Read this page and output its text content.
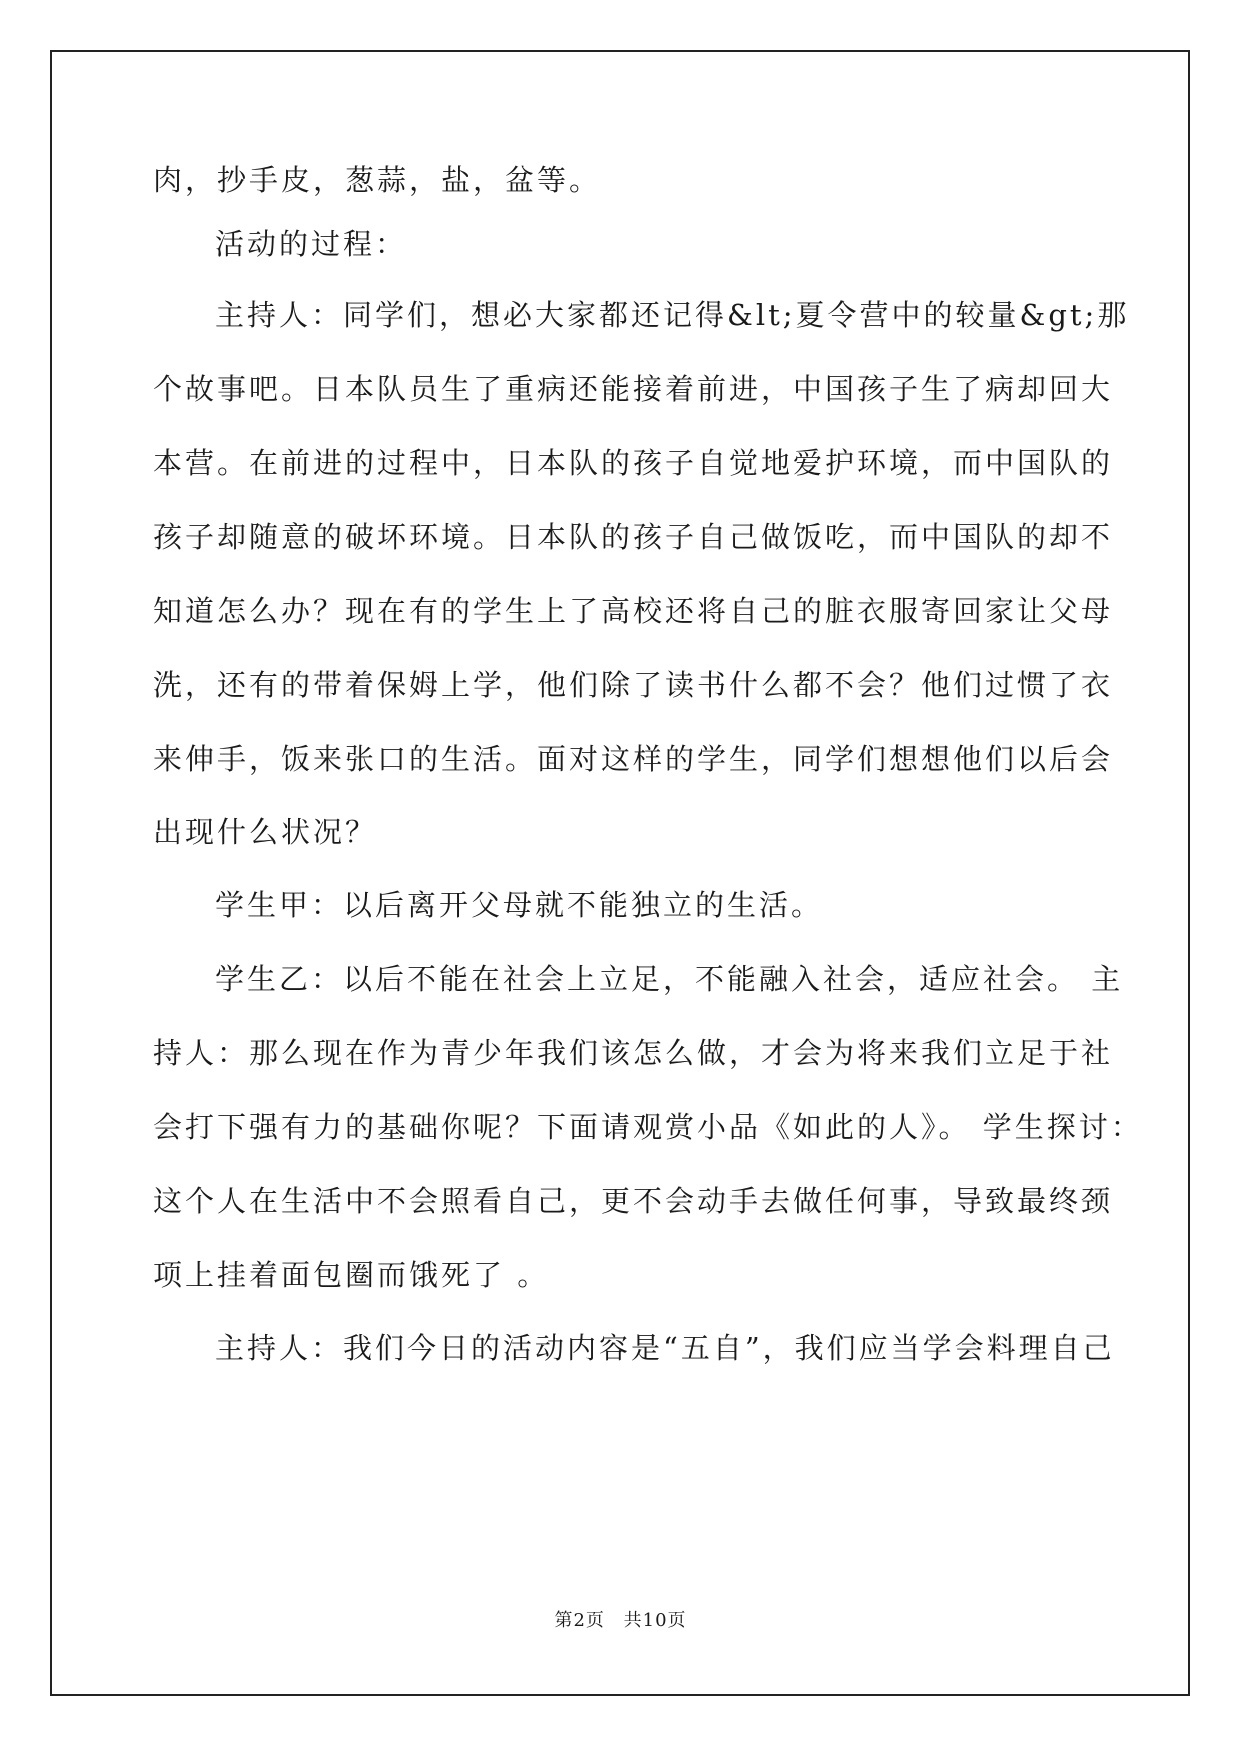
肉，抄手皮，葱蒜，盐，盆等。
活动的过程：
主持人：同学们，想必大家都还记得&lt;夏令营中的较量&gt;那
个故事吧。日本队员生了重病还能接着前进，中国孩子生了病却回大
本营。在前进的过程中，日本队的孩子自觉地爱护环境，而中国队的
孩子却随意的破坏环境。日本队的孩子自己做饭吃，而中国队的却不
知道怎么办？现在有的学生上了高校还将自己的脏衣服寄回家让父母
洗，还有的带着保姆上学，他们除了读书什么都不会？他们过惯了衣
来伸手，饭来张口的生活。面对这样的学生，同学们想想他们以后会
出现什么状况？
学生甲：以后离开父母就不能独立的生活。
学生乙：以后不能在社会上立足，不能融入社会，适应社会。 主
持人：那么现在作为青少年我们该怎么做，才会为将来我们立足于社
会打下强有力的基础你呢？下面请观赏小品《如此的人》。 学生探讨：
这个人在生活中不会照看自己，更不会动手去做任何事，导致最终颈
项上挂着面包圈而饿死了 。
主持人：我们今日的活动内容是“五自”，我们应当学会料理自己
第2页 共10页
